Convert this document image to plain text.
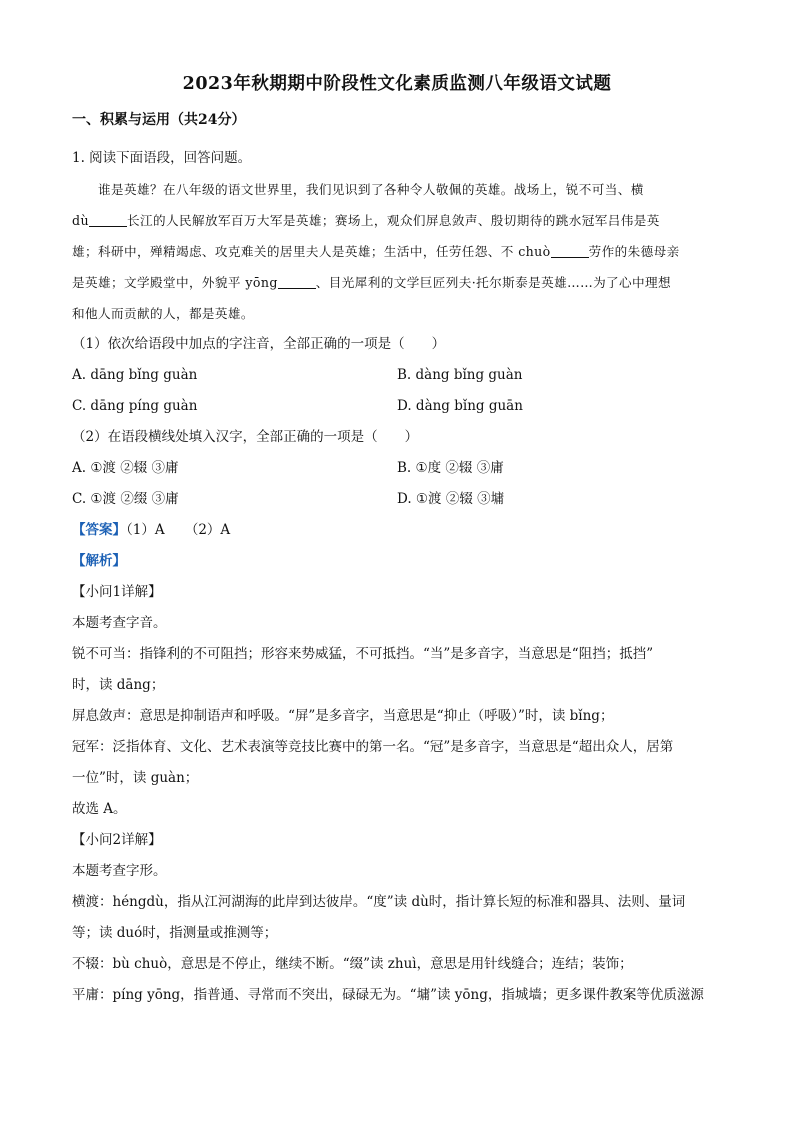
2023年秋期期中阶段性文化素质监测八年级语文试题
一、积累与运用（共24分）

1. 阅读下面语段，回答问题。

谁是英雄？在八年级的语文世界里，我们见识到了各种令人敬佩的英雄。战场上，锐不可当、横

dù	长江的人民解放军百万大军是英雄；赛场上，观众们屏息敛声、殷切期待的跳水冠军吕伟是英

雄；科研中，殚精竭虑、攻克难关的居里夫人是英雄；生活中，任劳任怨、不 chuò	劳作的朱德母亲

是英雄；文学殿堂中，外貌平 yōng	、目光犀利的文学巨匠列夫·托尔斯泰是英雄……为了心中理想

和他人而贡献的人，都是英雄。

（1）依次给语段中加点的字注音，全部正确的一项是（　　）

A. dāng bǐng guàn	B. dàng bǐng guàn
C. dāng píng guàn	D. dàng bǐng guān

（2）在语段横线处填入汉字，全部正确的一项是（　　）

A. ①渡 ②辍 ③庸	B. ①度 ②辍 ③庸
C. ①渡 ②缀 ③庸	D. ①渡 ②辍 ③墉
【答案】（1）A　　（2）A
【解析】

【小问1详解】

本题考查字音。

锐不可当：指锋利的不可阻挡；形容来势威猛，不可抵挡。“当”是多音字，当意思是“阻挡；抵挡”

时，读 dāng；

屏息敛声：意思是抑制语声和呼吸。“屏”是多音字，当意思是“抑止（呼吸）”时，读 bǐng；

冠军：泛指体育、文化、艺术表演等竞技比赛中的第一名。“冠”是多音字，当意思是“超出众人，居第

一位”时，读 guàn；

故选 A。

【小问2详解】

本题考查字形。

横渡：héngdù，指从江河湖海的此岸到达彼岸。“度”读 dù时，指计算长短的标准和器具、法则、量词

等；读 duó时，指测量或推测等；

不辍：bù chuò，意思是不停止，继续不断。“缀”读 zhuì，意思是用针线缝合；连结；装饰；

平庸：píng yōng，指普通、寻常而不突出，碌碌无为。“墉”读 yōng，指城墙；更多课件教案等优质滋源
